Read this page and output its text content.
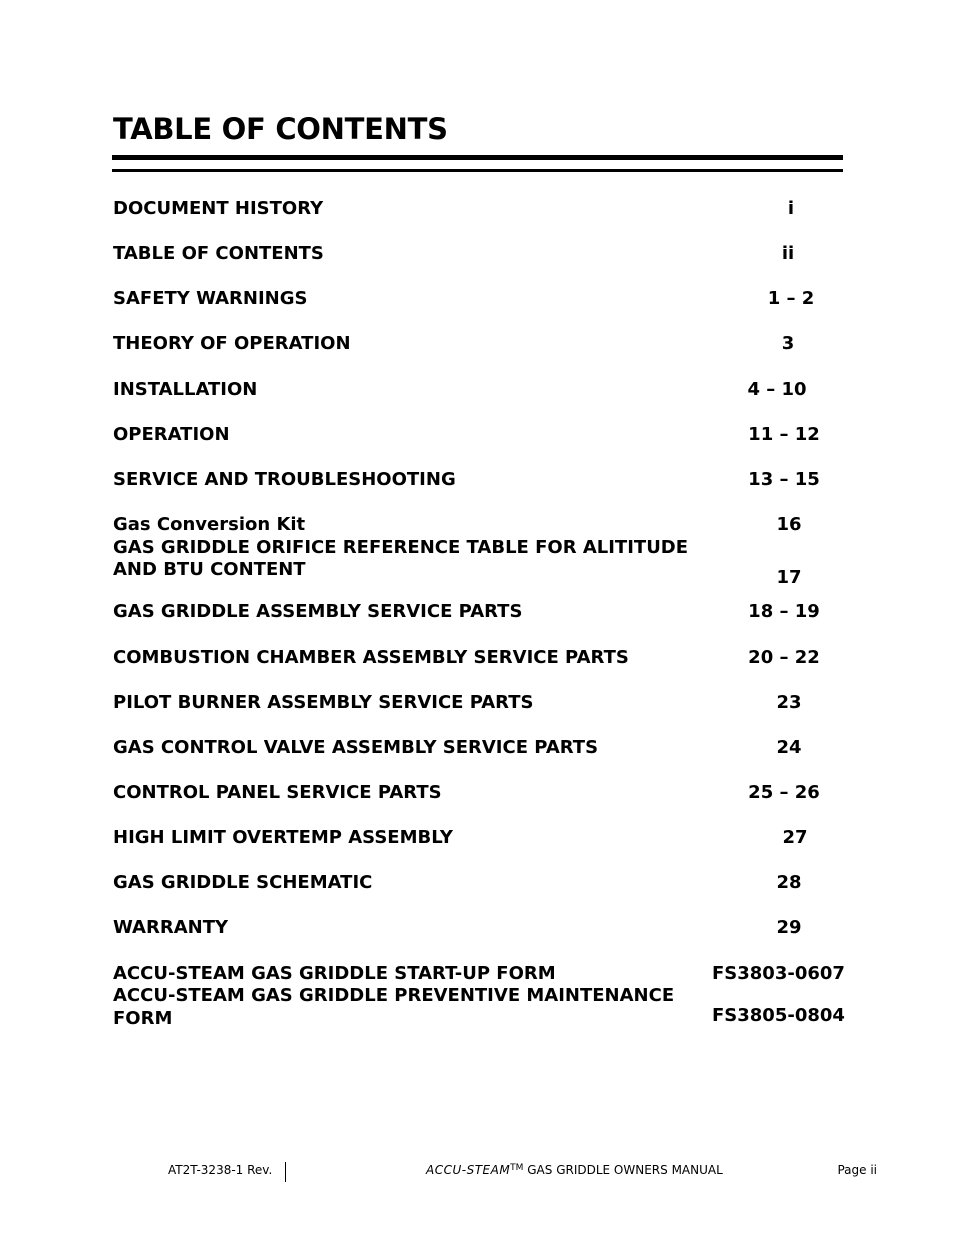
TABLE OF CONTENTS
DOCUMENT HISTORY	i
TABLE OF CONTENTS	ii
SAFETY WARNINGS	1 – 2
THEORY OF OPERATION	3
INSTALLATION	4 – 10
OPERATION	11 – 12
SERVICE AND TROUBLESHOOTING	13 – 15
Gas Conversion Kit	16
GAS GRIDDLE ORIFICE REFERENCE TABLE FOR ALITITUDE
AND BTU CONTENT	17
GAS GRIDDLE ASSEMBLY SERVICE PARTS	18 – 19
COMBUSTION CHAMBER ASSEMBLY SERVICE PARTS	20 – 22
PILOT BURNER ASSEMBLY SERVICE PARTS	23
GAS CONTROL VALVE ASSEMBLY SERVICE PARTS	24
CONTROL PANEL SERVICE PARTS	25 – 26
HIGH LIMIT OVERTEMP ASSEMBLY	27
GAS GRIDDLE SCHEMATIC	28
WARRANTY	29
ACCU-STEAM GAS GRIDDLE START-UP FORM	FS3803-0607
ACCU-STEAM GAS GRIDDLE PREVENTIVE MAINTENANCE
FORM	FS3805-0804
AT2T-3238-1 Rev.	ACCU-STEAM™ GAS GRIDDLE OWNERS MANUAL	Page ii
